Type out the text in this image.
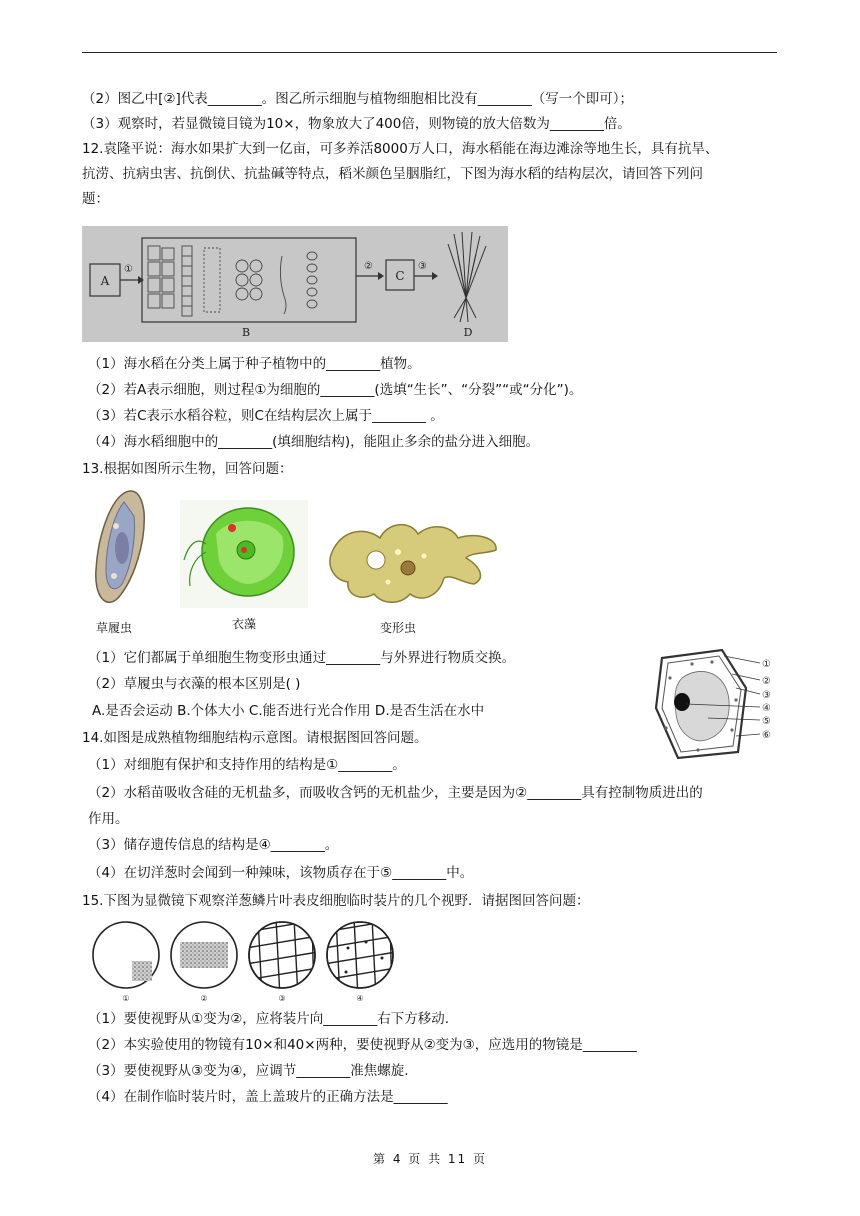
（2）图乙中[②]代表________。图乙所示细胞与植物细胞相比没有________（写一个即可）；
（3）观察时，若显微镜目镜为10×，物象放大了400倍，则物镜的放大倍数为________倍。
12.袁隆平说：海水如果扩大到一亿亩，可多养活8000万人口，海水稻能在海边滩涂等地生长，具有抗旱、
抗涝、抗病虫害、抗倒伏、抗盐碱等特点，稻米颜色呈胭脂红，下图为海水稻的结构层次，请回答下列问
题：
A
①
B
②
C
③
D
（1）海水稻在分类上属于种子植物中的________植物。
（2）若A表示细胞，则过程①为细胞的________(选填“生长”、“分裂”“或“分化”)。
（3）若C表示水稻谷粒，则C在结构层次上属于________ 。
（4）海水稻细胞中的________(填细胞结构)，能阻止多余的盐分进入细胞。
13.根据如图所示生物，回答问题：
草履虫	衣藻	变形虫
①
②
③
④
⑤
⑥
（1）它们都属于单细胞生物变形虫通过________与外界进行物质交换。
（2）草履虫与衣藻的根本区别是( )
A.是否会运动 B.个体大小 C.能否进行光合作用 D.是否生活在水中
14.如图是成熟植物细胞结构示意图。请根据图回答问题。
（1）对细胞有保护和支持作用的结构是①________。
（2）水稻苗吸收含硅的无机盐多，而吸收含钙的无机盐少，主要是因为②________具有控制物质进出的
作用。
（3）储存遗传信息的结构是④________。
（4）在切洋葱时会闻到一种辣味，该物质存在于⑤________中。
15.下图为显微镜下观察洋葱鳞片叶表皮细胞临时装片的几个视野．请据图回答问题：
①	②	③	④
（1）要使视野从①变为②，应将装片向________右下方移动.
（2）本实验使用的物镜有10×和40×两种，要使视野从②变为③，应选用的物镜是________
（3）要使视野从③变为④，应调节________准焦螺旋.
（4）在制作临时装片时，盖上盖玻片的正确方法是________
第 4 页 共 11 页
